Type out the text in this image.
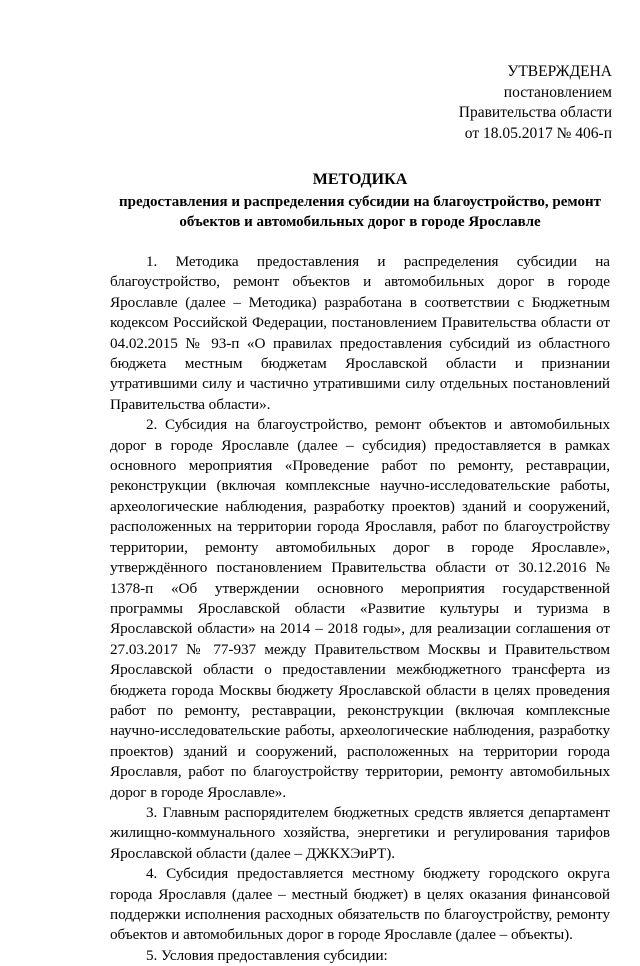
УТВЕРЖДЕНА
постановлением
Правительства области
от 18.05.2017 № 406-п
МЕТОДИКА
предоставления и распределения субсидии на благоустройство, ремонт объектов и автомобильных дорог в городе Ярославле

1. Методика предоставления и распределения субсидии на благоустройство, ремонт объектов и автомобильных дорог в городе Ярославле (далее – Методика) разработана в соответствии с Бюджетным кодексом Российской Федерации, постановлением Правительства области от 04.02.2015 № 93-п «О правилах предоставления субсидий из областного бюджета местным бюджетам Ярославской области и признании утратившими силу и частично утратившими силу отдельных постановлений Правительства области».

2. Субсидия на благоустройство, ремонт объектов и автомобильных дорог в городе Ярославле (далее – субсидия) предоставляется в рамках основного мероприятия «Проведение работ по ремонту, реставрации, реконструкции (включая комплексные научно-исследовательские работы, археологические наблюдения, разработку проектов) зданий и сооружений, расположенных на территории города Ярославля, работ по благоустройству территории, ремонту автомобильных дорог в городе Ярославле», утверждённого постановлением Правительства области от 30.12.2016 № 1378-п «Об утверждении основного мероприятия государственной программы Ярославской области «Развитие культуры и туризма в Ярославской области» на 2014 – 2018 годы», для реализации соглашения от 27.03.2017 № 77-937 между Правительством Москвы и Правительством Ярославской области о предоставлении межбюджетного трансферта из бюджета города Москвы бюджету Ярославской области в целях проведения работ по ремонту, реставрации, реконструкции (включая комплексные научно-исследовательские работы, археологические наблюдения, разработку проектов) зданий и сооружений, расположенных на территории города Ярославля, работ по благоустройству территории, ремонту автомобильных дорог в городе Ярославле».

3. Главным распорядителем бюджетных средств является департамент жилищно-коммунального хозяйства, энергетики и регулирования тарифов Ярославской области (далее – ДЖКХЭиРТ).

4. Субсидия предоставляется местному бюджету городского округа города Ярославля (далее – местный бюджет) в целях оказания финансовой поддержки исполнения расходных обязательств по благоустройству, ремонту объектов и автомобильных дорог в городе Ярославле (далее – объекты).

5. Условия предоставления субсидии:
